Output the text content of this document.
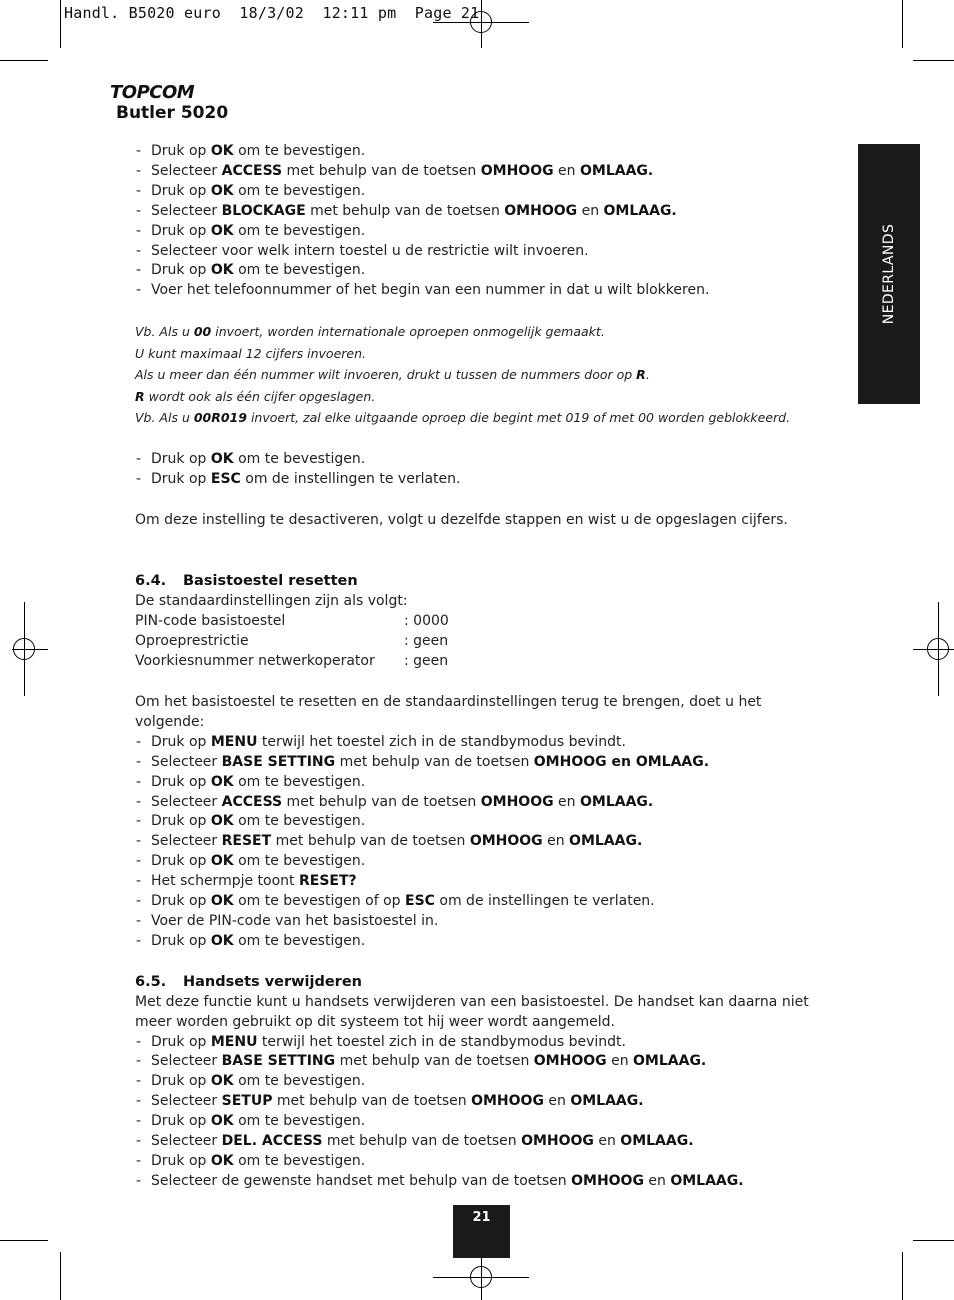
Handl. B5020 euro  18/3/02  12:11 pm  Page 21
TOPCOM
Butler 5020
NEDERLANDS
- Druk op OK om te bevestigen.
- Selecteer ACCESS met behulp van de toetsen OMHOOG en OMLAAG.
- Druk op OK om te bevestigen.
- Selecteer BLOCKAGE met behulp van de toetsen OMHOOG en OMLAAG.
- Druk op OK om te bevestigen.
- Selecteer voor welk intern toestel u de restrictie wilt invoeren.
- Druk op OK om te bevestigen.
- Voer het telefoonnummer of het begin van een nummer in dat u wilt blokkeren.
Vb. Als u 00 invoert, worden internationale oproepen onmogelijk gemaakt.
U kunt maximaal 12 cijfers invoeren.
Als u meer dan één nummer wilt invoeren, drukt u tussen de nummers door op R.
R wordt ook als één cijfer opgeslagen.
Vb. Als u 00R019 invoert, zal elke uitgaande oproep die begint met 019 of met 00 worden geblokkeerd.
- Druk op OK om te bevestigen.
- Druk op ESC om de instellingen te verlaten.

Om deze instelling te desactiveren, volgt u dezelfde stappen en wist u de opgeslagen cijfers.

6.4. Basistoestel resetten

De standaardinstellingen zijn als volgt:

PIN-code basistoestel	: 0000
Oproeprestrictie	: geen
Voorkiesnummer netwerkoperator	: geen

Om het basistoestel te resetten en de standaardinstellingen terug te brengen, doet u het volgende:

- Druk op MENU terwijl het toestel zich in de standbymodus bevindt.
- Selecteer BASE SETTING met behulp van de toetsen OMHOOG en OMLAAG.
- Druk op OK om te bevestigen.
- Selecteer ACCESS met behulp van de toetsen OMHOOG en OMLAAG.
- Druk op OK om te bevestigen.
- Selecteer RESET met behulp van de toetsen OMHOOG en OMLAAG.
- Druk op OK om te bevestigen.
- Het schermpje toont RESET?
- Druk op OK om te bevestigen of op ESC om de instellingen te verlaten.
- Voer de PIN-code van het basistoestel in.
- Druk op OK om te bevestigen.
6.5. Handsets verwijderen

Met deze functie kunt u handsets verwijderen van een basistoestel. De handset kan daarna niet meer worden gebruikt op dit systeem tot hij weer wordt aangemeld.

- Druk op MENU terwijl het toestel zich in de standbymodus bevindt.
- Selecteer BASE SETTING met behulp van de toetsen OMHOOG en OMLAAG.
- Druk op OK om te bevestigen.
- Selecteer SETUP met behulp van de toetsen OMHOOG en OMLAAG.
- Druk op OK om te bevestigen.
- Selecteer DEL. ACCESS met behulp van de toetsen OMHOOG en OMLAAG.
- Druk op OK om te bevestigen.
- Selecteer de gewenste handset met behulp van de toetsen OMHOOG en OMLAAG.
21
